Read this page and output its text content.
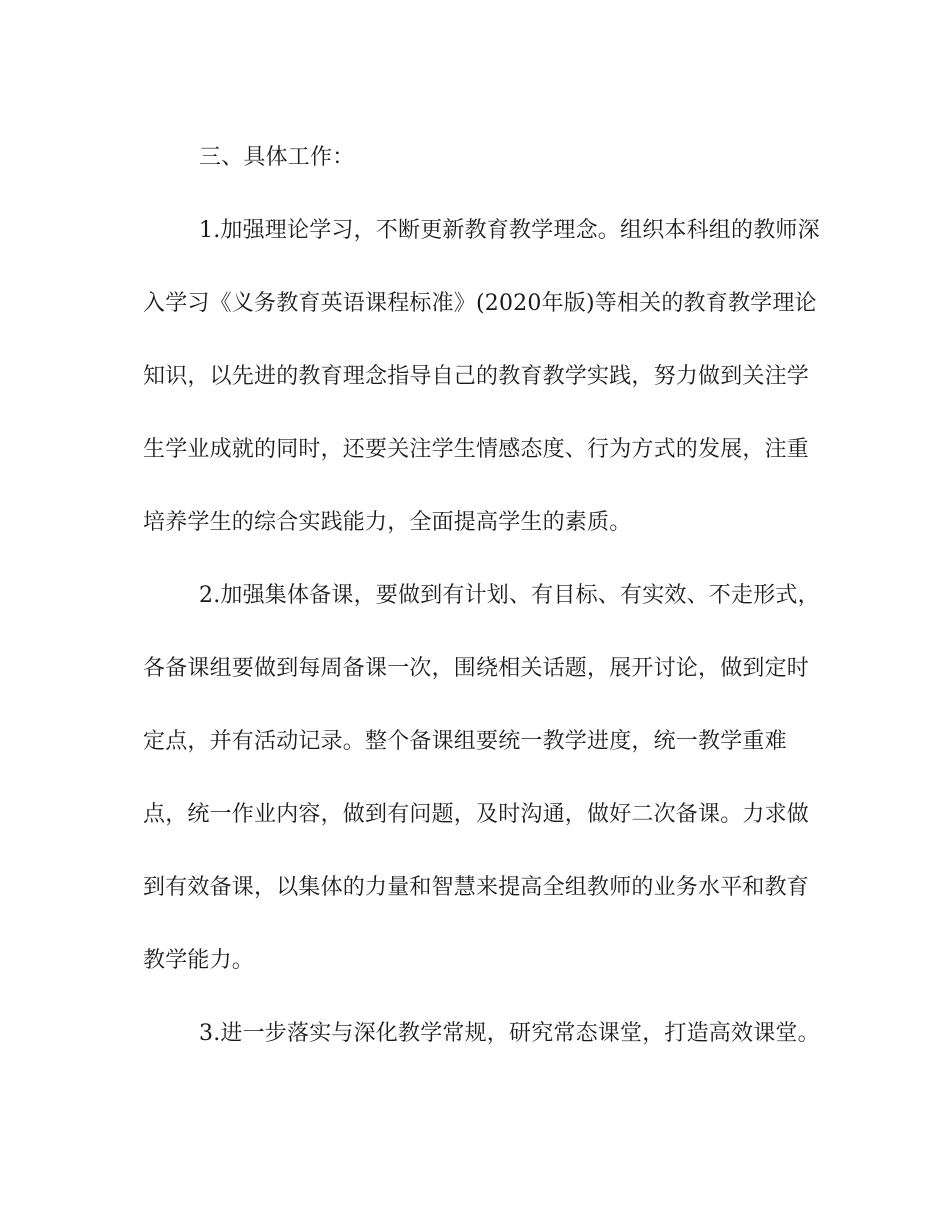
三、具体工作：
1.加强理论学习，不断更新教育教学理念。组织本科组的教师深
入学习《义务教育英语课程标准》(2020年版)等相关的教育教学理论
知识，以先进的教育理念指导自己的教育教学实践，努力做到关注学
生学业成就的同时，还要关注学生情感态度、行为方式的发展，注重
培养学生的综合实践能力，全面提高学生的素质。
2.加强集体备课，要做到有计划、有目标、有实效、不走形式，
各备课组要做到每周备课一次，围绕相关话题，展开讨论，做到定时
定点，并有活动记录。整个备课组要统一教学进度，统一教学重难
点，统一作业内容，做到有问题，及时沟通，做好二次备课。力求做
到有效备课，以集体的力量和智慧来提高全组教师的业务水平和教育
教学能力。
3.进一步落实与深化教学常规，研究常态课堂，打造高效课堂。
